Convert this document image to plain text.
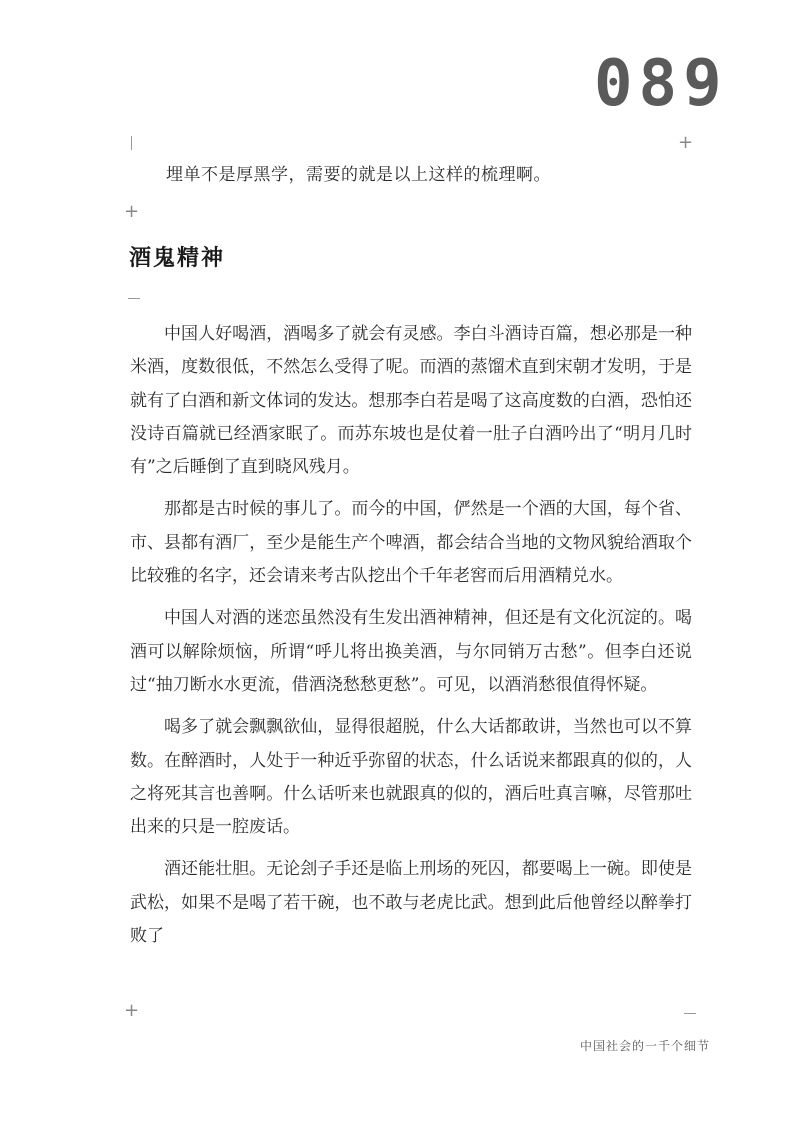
089
+
埋单不是厚黑学，需要的就是以上这样的梳理啊。
+
酒鬼精神

中国人好喝酒，酒喝多了就会有灵感。李白斗酒诗百篇，想必那是一种米酒，度数很低，不然怎么受得了呢。而酒的蒸馏术直到宋朝才发明，于是就有了白酒和新文体词的发达。想那李白若是喝了这高度数的白酒，恐怕还没诗百篇就已经酒家眠了。而苏东坡也是仗着一肚子白酒吟出了“明月几时有”之后睡倒了直到晓风残月。

那都是古时候的事儿了。而今的中国，俨然是一个酒的大国，每个省、市、县都有酒厂，至少是能生产个啤酒，都会结合当地的文物风貌给酒取个比较雅的名字，还会请来考古队挖出个千年老窖而后用酒精兑水。

中国人对酒的迷恋虽然没有生发出酒神精神，但还是有文化沉淀的。喝酒可以解除烦恼，所谓“呼儿将出换美酒，与尔同销万古愁”。但李白还说过“抽刀断水水更流，借酒浇愁愁更愁”。可见，以酒消愁很值得怀疑。

喝多了就会飘飘欲仙，显得很超脱，什么大话都敢讲，当然也可以不算数。在醉酒时，人处于一种近乎弥留的状态，什么话说来都跟真的似的，人之将死其言也善啊。什么话听来也就跟真的似的，酒后吐真言嘛，尽管那吐出来的只是一腔废话。

酒还能壮胆。无论刽子手还是临上刑场的死囚，都要喝上一碗。即使是武松，如果不是喝了若干碗，也不敢与老虎比武。想到此后他曾经以醉拳打败了

+
中国社会的一千个细节
